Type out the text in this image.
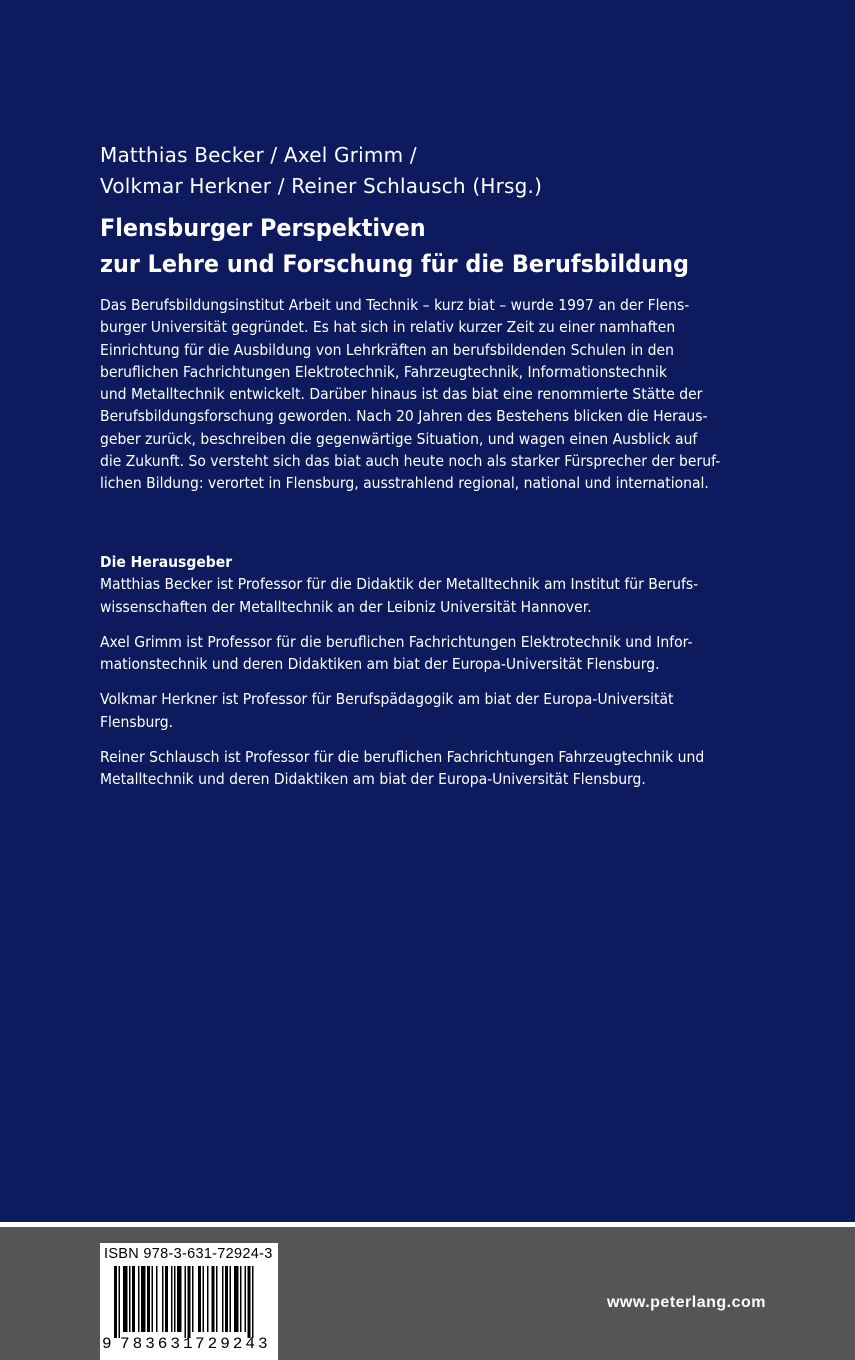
Matthias Becker / Axel Grimm /
Volkmar Herkner / Reiner Schlausch (Hrsg.)
Flensburger Perspektiven
zur Lehre und Forschung für die Berufsbildung
Das Berufsbildungsinstitut Arbeit und Technik – kurz biat – wurde 1997 an der Flens-
burger Universität gegründet. Es hat sich in relativ kurzer Zeit zu einer namhaften
Einrichtung für die Ausbildung von Lehrkräften an berufsbildenden Schulen in den
beruflichen Fachrichtungen Elektrotechnik, Fahrzeugtechnik, Informationstechnik
und Metalltechnik entwickelt. Darüber hinaus ist das biat eine renommierte Stätte der
Berufsbildungsforschung geworden. Nach 20 Jahren des Bestehens blicken die Heraus-
geber zurück, beschreiben die gegenwärtige Situation, und wagen einen Ausblick auf
die Zukunft. So versteht sich das biat auch heute noch als starker Fürsprecher der beruf-
lichen Bildung: verortet in Flensburg, ausstrahlend regional, national und international.
Die Herausgeber

Matthias Becker ist Professor für die Didaktik der Metalltechnik am Institut für Berufs-
wissenschaften der Metalltechnik an der Leibniz Universität Hannover.

Axel Grimm ist Professor für die beruflichen Fachrichtungen Elektrotechnik und Infor-
mationstechnik und deren Didaktiken am biat der Europa-Universität Flensburg.

Volkmar Herkner ist Professor für Berufspädagogik am biat der Europa-Universität
Flensburg.

Reiner Schlausch ist Professor für die beruflichen Fachrichtungen Fahrzeugtechnik und
Metalltechnik und deren Didaktiken am biat der Europa-Universität Flensburg.

ISBN 978-3-631-72924-3
9 783631 729243
www.peterlang.com
